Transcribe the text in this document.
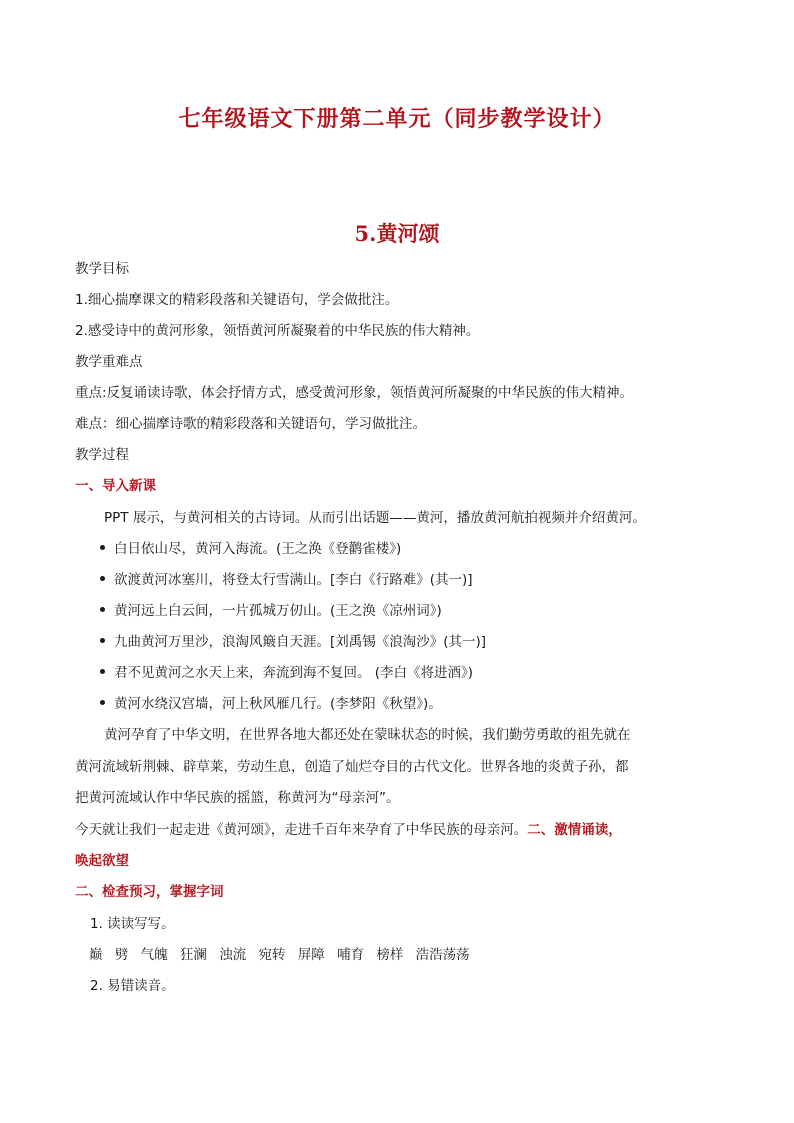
七年级语文下册第二单元（同步教学设计）
5.黄河颂
教学目标
1.细心揣摩课文的精彩段落和关键语句，学会做批注。
2.感受诗中的黄河形象，领悟黄河所凝聚着的中华民族的伟大精神。
教学重难点
重点:反复诵读诗歌，体会抒情方式，感受黄河形象，领悟黄河所凝聚的中华民族的伟大精神。
难点：细心揣摩诗歌的精彩段落和关键语句，学习做批注。
教学过程
一、导入新课
PPT 展示，与黄河相关的古诗词。从而引出话题——黄河，播放黄河航拍视频并介绍黄河。
白日依山尽，黄河入海流。(王之涣《登鹳雀楼》)
欲渡黄河冰塞川，将登太行雪满山。[李白《行路难》(其一)]
黄河远上白云间，一片孤城万仞山。(王之涣《凉州词》)
九曲黄河万里沙，浪淘风簸自天涯。[刘禹锡《浪淘沙》(其一)]
君不见黄河之水天上来，奔流到海不复回。 (李白《将进酒》)
黄河水绕汉宫墙，河上秋风雁几行。(李梦阳《秋望》)。
黄河孕育了中华文明，在世界各地大都还处在蒙昧状态的时候，我们勤劳勇敢的祖先就在
黄河流域斩荆棘、辟草莱，劳动生息，创造了灿烂夺目的古代文化。世界各地的炎黄子孙，都
把黄河流域认作中华民族的摇篮，称黄河为“母亲河”。
今天就让我们一起走进《黄河颂》，走进千百年来孕育了中华民族的母亲河。二、激情诵读，
唤起欲望
二、检查预习，掌握字词
1. 读读写写。
巅 劈 气魄 狂澜 浊流 宛转 屏障 哺育 榜样 浩浩荡荡
2. 易错读音。
